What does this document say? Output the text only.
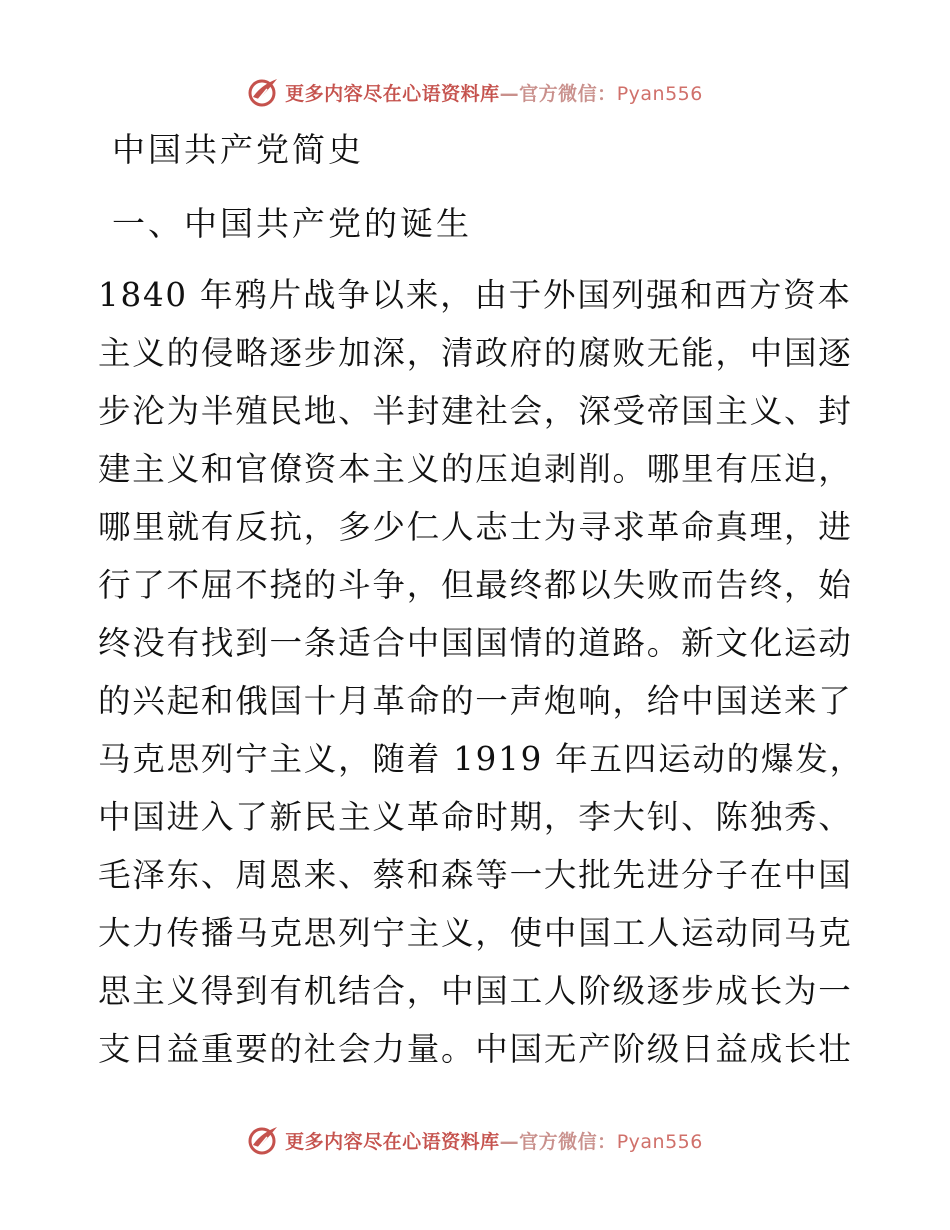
更多内容尽在心语资料库—官方微信：Pyan556
中国共产党简史
一、中国共产党的诞生
1840 年鸦片战争以来，由于外国列强和西方资本
主义的侵略逐步加深，清政府的腐败无能，中国逐
步沦为半殖民地、半封建社会，深受帝国主义、封
建主义和官僚资本主义的压迫剥削。哪里有压迫，
哪里就有反抗，多少仁人志士为寻求革命真理，进
行了不屈不挠的斗争，但最终都以失败而告终，始
终没有找到一条适合中国国情的道路。新文化运动
的兴起和俄国十月革命的一声炮响，给中国送来了
马克思列宁主义，随着 1919 年五四运动的爆发，
中国进入了新民主义革命时期，李大钊、陈独秀、
毛泽东、周恩来、蔡和森等一大批先进分子在中国
大力传播马克思列宁主义，使中国工人运动同马克
思主义得到有机结合，中国工人阶级逐步成长为一
支日益重要的社会力量。中国无产阶级日益成长壮
更多内容尽在心语资料库—官方微信：Pyan556
